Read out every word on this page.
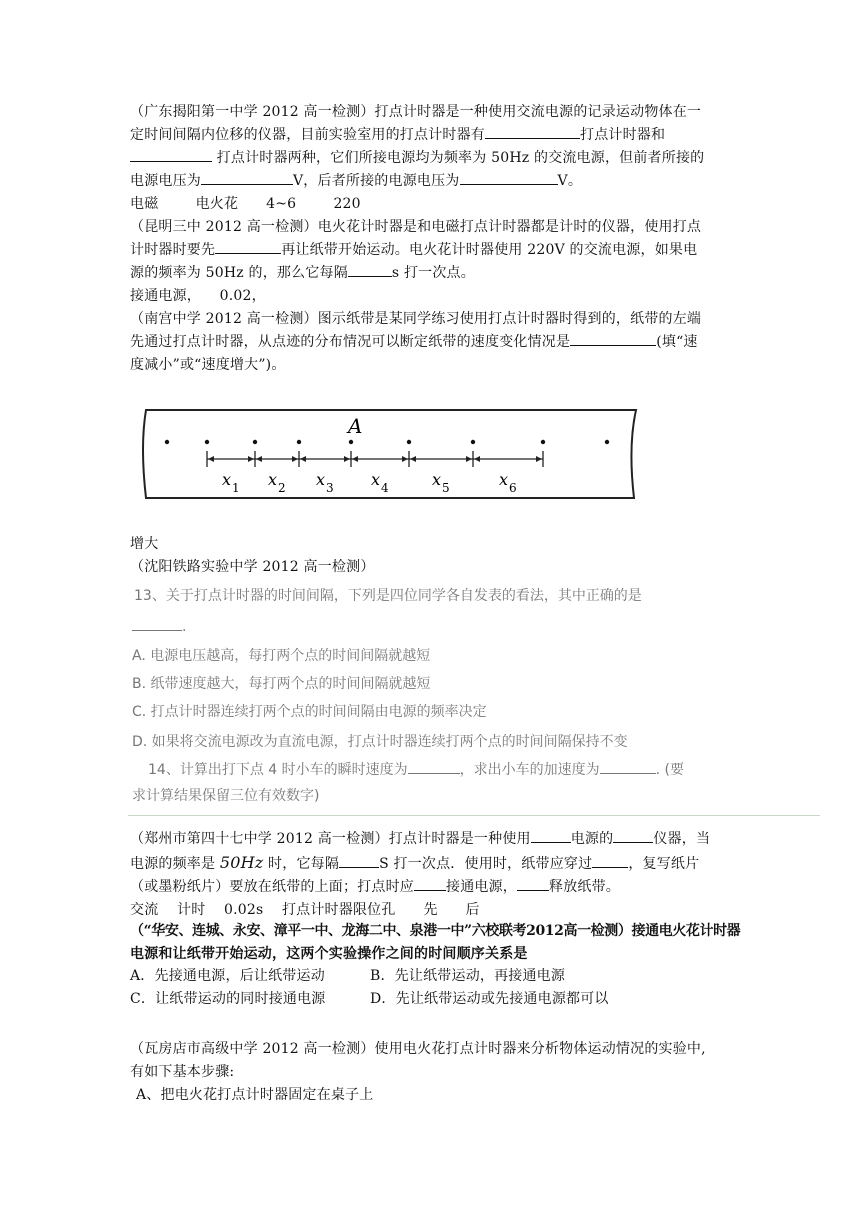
（广东揭阳第一中学 2012 高一检测）打点计时器是一种使用交流电源的记录运动物体在一
定时间间隔内位移的仪器，目前实验室用的打点计时器有	打点计时器和
打点计时器两种，它们所接电源均为频率为 50Hz 的交流电源，但前者所接的
电源电压为	V，后者所接的电源电压为	V。
电磁        电火花      4~6        220
（昆明三中 2012 高一检测）电火花计时器是和电磁打点计时器都是计时的仪器，使用打点
计时器时要先	再让纸带开始运动。电火花计时器使用 220V 的交流电源，如果电
源的频率为 50Hz 的，那么它每隔	s 打一次点。
接通电源，    0.02，
（南宫中学 2012 高一检测）图示纸带是某同学练习使用打点计时器时得到的，纸带的左端
先通过打点计时器，从点迹的分布情况可以断定纸带的速度变化情况是	(填“速
度减小”或“速度增大”)。
x 1 x 2 x 3 x 4	x 5	x 6
A
增大
（沈阳铁路实验中学 2012 高一检测）
13、关于打点计时器的时间间隔，下列是四位同学各自发表的看法，其中正确的是
.
A. 电源电压越高，每打两个点的时间间隔就越短
B. 纸带速度越大，每打两个点的时间间隔就越短
C. 打点计时器连续打两个点的时间间隔由电源的频率决定
D. 如果将交流电源改为直流电源，打点计时器连续打两个点的时间间隔保持不变
14、计算出打下点 4 时小车的瞬时速度为	，求出小车的加速度为	. (要
求计算结果保留三位有效数字)
（郑州市第四十七中学 2012 高一检测）打点计时器是一种使用	电源的	仪器，当
电源的频率是 50Hz 时，它每隔	S 打一次点．使用时，纸带应穿过	，复写纸片
（或墨粉纸片）要放在纸带的上面；打点时应 接通电源， 释放纸带。
交流    计时    0.02s    打点计时器限位孔      先      后
（“华安、连城、永安、漳平一中、龙海二中、泉港一中”六校联考2012高一检测）接通电火花计时器
电源和让纸带开始运动，这两个实验操作之间的时间顺序关系是
A．先接通电源，后让纸带运动	B．先让纸带运动，再接通电源
C．让纸带运动的同时接通电源	D．先让纸带运动或先接通电源都可以
（瓦房店市高级中学 2012 高一检测）使用电火花打点计时器来分析物体运动情况的实验中,
有如下基本步骤:
A、把电火花打点计时器固定在桌子上
